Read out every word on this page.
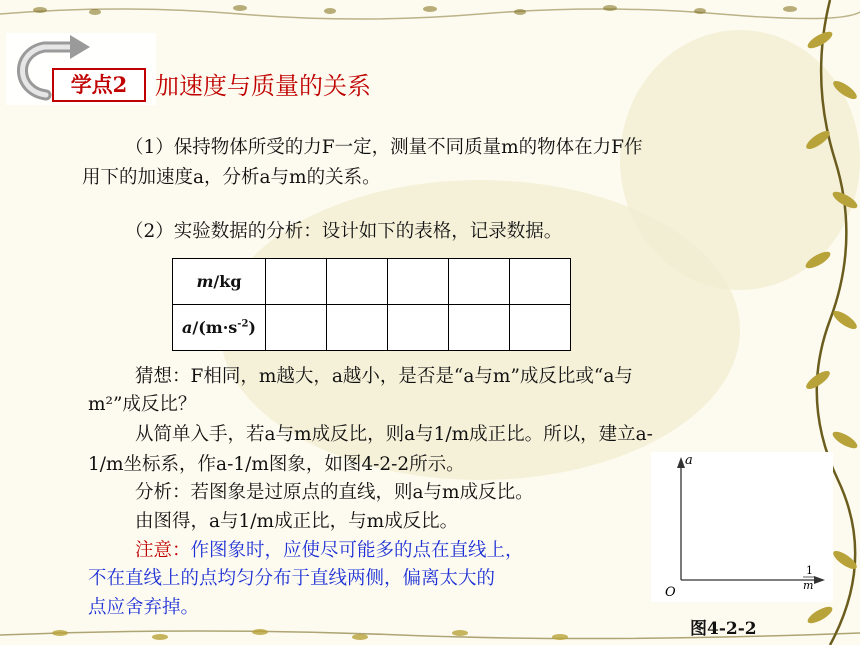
学点2	加速度与质量的关系

（1）保持物体所受的力F一定，测量不同质量m的物体在力F作

用下的加速度a，分析a与m的关系。

（2）实验数据的分析：设计如下的表格，记录数据。

m/kg					
$a/(m\cdot s^{-2})$					

猜想：F相同，m越大，a越小，是否是“a与m”成反比或“a与

m²”成反比？

从简单入手，若a与m成反比，则a与1/m成正比。所以，建立a-

1/m坐标系，作a-1/m图象，如图4-2-2所示。

分析：若图象是过原点的直线，则a与m成反比。

由图得，a与1/m成正比，与m成反比。

注意：作图象时，应使尽可能多的点在直线上，

不在直线上的点均匀分布于直线两侧，偏离太大的

点应舍弃掉。

a
O
1
m
图4-2-2
